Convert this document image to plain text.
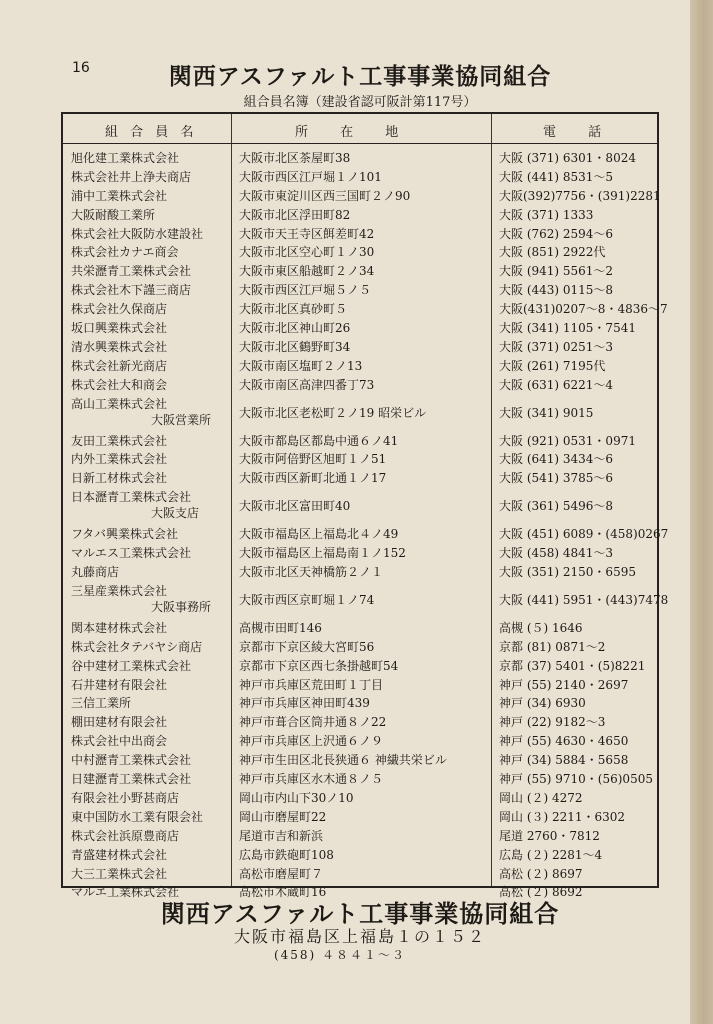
16	関西アスファルト工事事業協同組合
組合員名簿（建設省認可阪計第117号）
組 合 員 名	所 在 地	電 話
旭化建工業株式会社	大阪市北区茶屋町38	大阪 (371) 6301・8024
株式会社井上浄夫商店	大阪市西区江戸堀１ノ101	大阪 (441) 8531～5
浦中工業株式会社	大阪市東淀川区西三国町２ノ90	大阪(392)7756・(391)2281
大阪耐酸工業所	大阪市北区浮田町82	大阪 (371) 1333
株式会社大阪防水建設社	大阪市天王寺区餌差町42	大阪 (762) 2594～6
株式会社カナエ商会	大阪市北区空心町１ノ30	大阪 (851) 2922代
共栄瀝青工業株式会社	大阪市東区船越町２ノ34	大阪 (941) 5561～2
株式会社木下謹三商店	大阪市西区江戸堀５ノ５	大阪 (443) 0115～8
株式会社久保商店	大阪市北区真砂町５	大阪(431)0207～8・4836～7
坂口興業株式会社	大阪市北区神山町26	大阪 (341) 1105・7541
清水興業株式会社	大阪市北区鶴野町34	大阪 (371) 0251～3
株式会社新光商店	大阪市南区塩町２ノ13	大阪 (261) 7195代
株式会社大和商会	大阪市南区高津四番丁73	大阪 (631) 6221～4
高山工業株式会社
大阪営業所	大阪市北区老松町２ノ19 昭栄ビル	大阪 (341) 9015
友田工業株式会社	大阪市都島区都島中通６ノ41	大阪 (921) 0531・0971
内外工業株式会社	大阪市阿倍野区旭町１ノ51	大阪 (641) 3434～6
日新工材株式会社	大阪市西区新町北通１ノ17	大阪 (541) 3785～6
日本瀝青工業株式会社
大阪支店	大阪市北区富田町40	大阪 (361) 5496～8
フタバ興業株式会社	大阪市福島区上福島北４ノ49	大阪 (451) 6089・(458)0267
マルエス工業株式会社	大阪市福島区上福島南１ノ152	大阪 (458) 4841～3
丸藤商店	大阪市北区天神橋筋２ノ１	大阪 (351) 2150・6595
三星産業株式会社
大阪事務所	大阪市西区京町堀１ノ74	大阪 (441) 5951・(443)7478
関本建材株式会社	高槻市田町146	高槻 (５) 1646
株式会社タテバヤシ商店	京都市下京区綾大宮町56	京都 (81) 0871～2
谷中建材工業株式会社	京都市下京区西七条掛越町54	京都 (37) 5401・(5)8221
石井建材有限会社	神戸市兵庫区荒田町１丁目	神戸 (55) 2140・2697
三信工業所	神戸市兵庫区神田町439	神戸 (34) 6930
棚田建材有限会社	神戸市葺合区筒井通８ノ22	神戸 (22) 9182～3
株式会社中出商会	神戸市兵庫区上沢通６ノ９	神戸 (55) 4630・4650
中村瀝青工業株式会社	神戸市生田区北長狭通６ 神繊共栄ビル	神戸 (34) 5884・5658
日建瀝青工業株式会社	神戸市兵庫区水木通８ノ５	神戸 (55) 9710・(56)0505
有限会社小野甚商店	岡山市内山下30ノ10	岡山 (２) 4272
東中国防水工業有限会社	岡山市磨屋町22	岡山 (３) 2211・6302
株式会社浜原豊商店	尾道市吉和新浜	尾道 2760・7812
青盛建材株式会社	広島市鉄砲町108	広島 (２) 2281～4
大三工業株式会社	高松市磨屋町７	高松 (２) 8697
マルエ工業株式会社	高松市木蔵町16	高松 (２) 8692
関西アスファルト工事事業協同組合
大阪市福島区上福島１の１５２
(458) ４８４１～３
